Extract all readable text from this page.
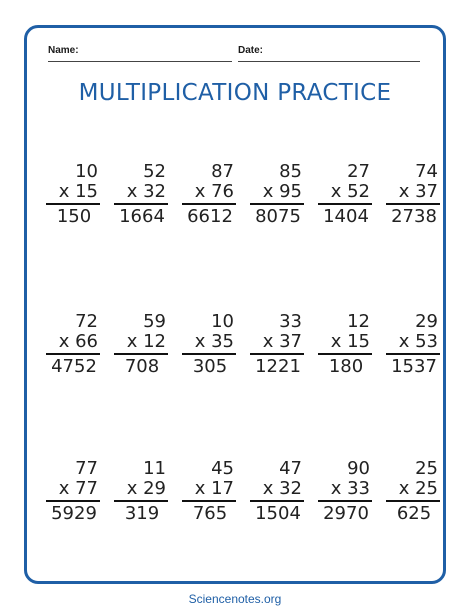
Name:	Date:
MULTIPLICATION PRACTICE
10
x 15
150
52
x 32
1664
87
x 76
6612
85
x 95
8075
27
x 52
1404
74
x 37
2738
72
x 66
4752
59
x 12
708
10
x 35
305
33
x 37
1221
12
x 15
180
29
x 53
1537
77
x 77
5929
11
x 29
319
45
x 17
765
47
x 32
1504
90
x 33
2970
25
x 25
625
Sciencenotes.org
